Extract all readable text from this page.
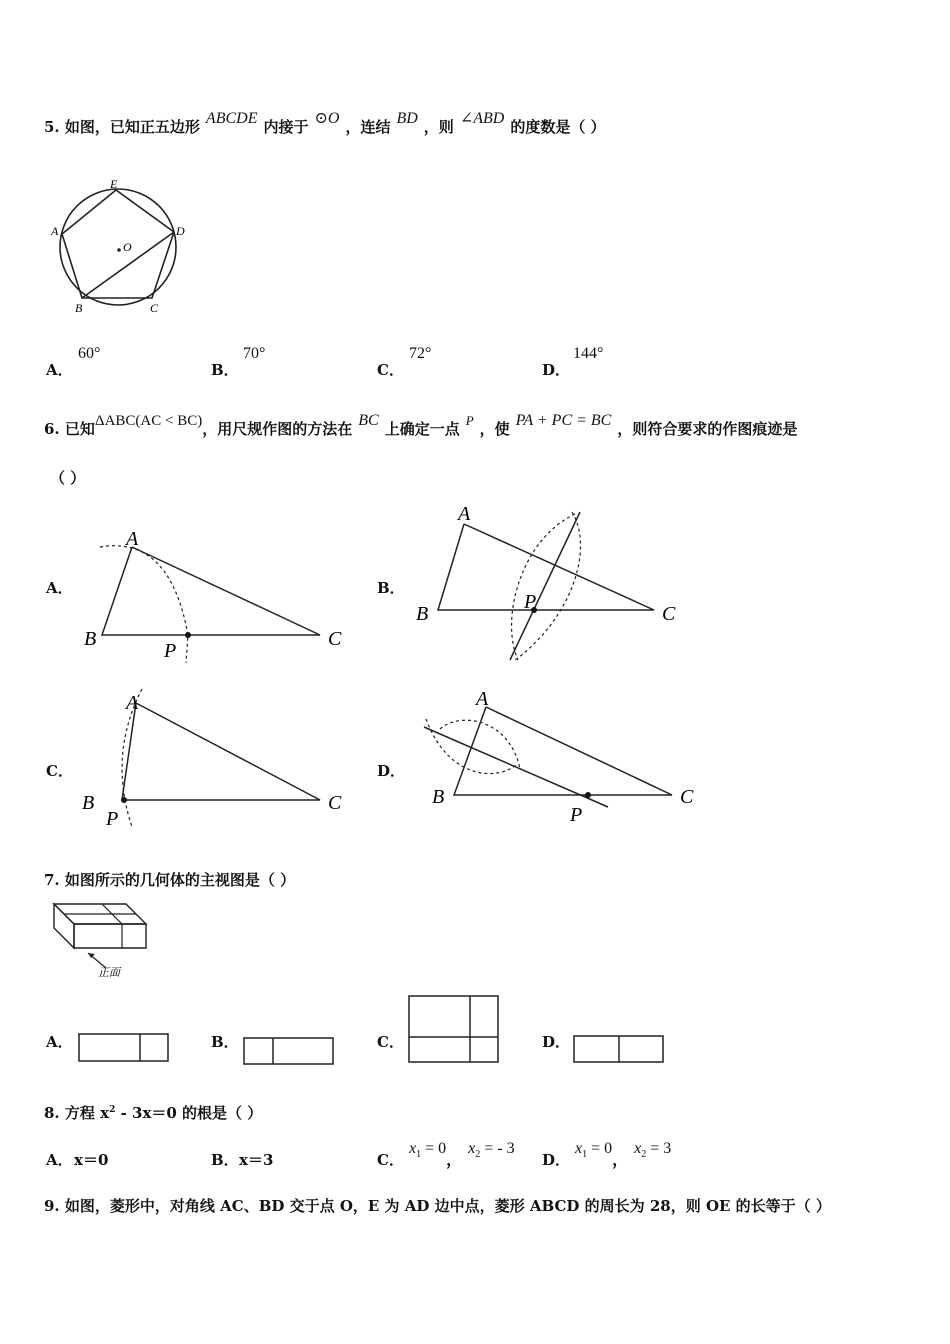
5. 如图，已知正五边形 ABCDE 内接于 ⊙O ，连结 BD ，则 ∠ABD 的度数是（ ）
E
A	D
B	C
O
A．
60°
B．
70°
C．
72°
D．
144°
6. 已知ΔABC(AC < BC)，用尺规作图的方法在 BC 上确定一点 P ，使 PA + PC = BC ，则符合要求的作图痕迹是
（ ）
A．
A
B	C
P
B．
A
B	C
P
C．
A
B	C
P
D．
A
B	C
P
7. 如图所示的几何体的主视图是（ ）
正面
A．	B．	C．	D．
8. 方程 $x^2 - 3x=0$ 的根是（ ）
A． x＝0	B． x＝3	C．
$x_1 = 0$，$x_2$ = - 3
D．
$x_1 = 0$，$x_2 = 3$
9. 如图，菱形中，对角线 AC、BD 交于点 O，E 为 AD 边中点，菱形 ABCD 的周长为 28，则 OE 的长等于（ ）
